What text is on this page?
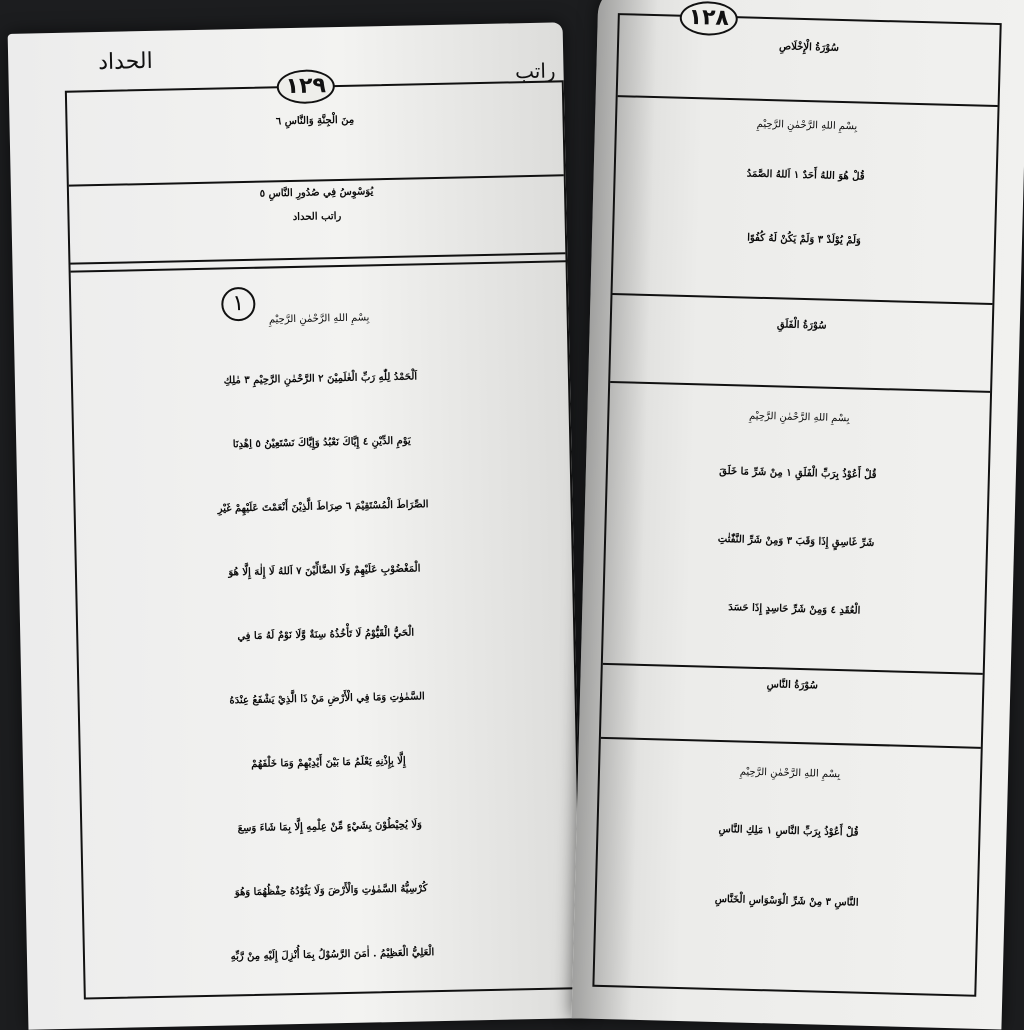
الحداد
١٢٩
راتب
ﻣِﻦَ ﺍﻟْﺠِﻨَّﺔِ ﻭَﺍﻟﻨَّﺎﺱِ ٦
ﻳُﻮَﺳْﻮِﺱُ ﻓِﻲ ﺻُﺪُﻭﺭِ ﺍﻟﻨَّﺎﺱِ ٥
راتب الحداد
١
بِسْمِ اللهِ الرَّحْمٰنِ الرَّحِيْمِ
اَلْحَمْدُ لِلّٰهِ رَبِّ الْعٰلَمِيْنَ ٢ الرَّحْمٰنِ الرَّحِيْمِ ٣ مٰلِكِ
يَوْمِ الدِّيْنِ ٤ إِيَّاكَ نَعْبُدُ وَإِيَّاكَ نَسْتَعِيْنُ ٥ اِهْدِنَا
الصِّرَاطَ الْمُسْتَقِيْمَ ٦ صِرَاطَ الَّذِيْنَ أَنْعَمْتَ عَلَيْهِمْ غَيْرِ
الْمَغْضُوْبِ عَلَيْهِمْ وَلَا الضَّالِّيْنَ ٧ اَللهُ لَا إِلٰهَ إِلَّا هُوَ
الْحَيُّ الْقَيُّوْمُ لَا تَأْخُذُهُ سِنَةٌ وَّلَا نَوْمٌ لَهُ مَا فِي
السَّمٰوٰتِ وَمَا فِي الْأَرْضِ مَنْ ذَا الَّذِيْ يَشْفَعُ عِنْدَهُ
إِلَّا بِإِذْنِهِ يَعْلَمُ مَا بَيْنَ أَيْدِيْهِمْ وَمَا خَلْفَهُمْ
وَلَا يُحِيْطُوْنَ بِشَيْءٍ مِّنْ عِلْمِهِ إِلَّا بِمَا شَاءَ وَسِعَ
كُرْسِيُّهُ السَّمٰوٰتِ وَالْأَرْضَ وَلَا يَئُوْدُهُ حِفْظُهُمَا وَهُوَ
الْعَلِيُّ الْعَظِيْمُ . اٰمَنَ الرَّسُوْلُ بِمَا أُنْزِلَ إِلَيْهِ مِنْ رَّبِّهِ
١٢٨
سُوْرَةُ الْإِخْلَاصِ
بِسْمِ اللهِ الرَّحْمٰنِ الرَّحِيْمِ
قُلْ هُوَ اللهُ أَحَدٌ ١ اَللهُ الصَّمَدُ
وَلَمْ يُوْلَدْ ٣ وَلَمْ يَكُنْ لَهُ كُفُوًا
سُوْرَةُ الْفَلَقِ
بِسْمِ اللهِ الرَّحْمٰنِ الرَّحِيْمِ
قُلْ أَعُوْذُ بِرَبِّ الْفَلَقِ ١ مِنْ شَرِّ مَا خَلَقَ
شَرِّ غَاسِقٍ إِذَا وَقَبَ ٣ وَمِنْ شَرِّ النَّفّٰثٰتِ
الْعُقَدِ ٤ وَمِنْ شَرِّ حَاسِدٍ إِذَا حَسَدَ
سُوْرَةُ النَّاسِ
بِسْمِ اللهِ الرَّحْمٰنِ الرَّحِيْمِ
قُلْ أَعُوْذُ بِرَبِّ النَّاسِ ١ مَلِكِ النَّاسِ
النَّاسِ ٣ مِنْ شَرِّ الْوَسْوَاسِ الْخَنَّاسِ
